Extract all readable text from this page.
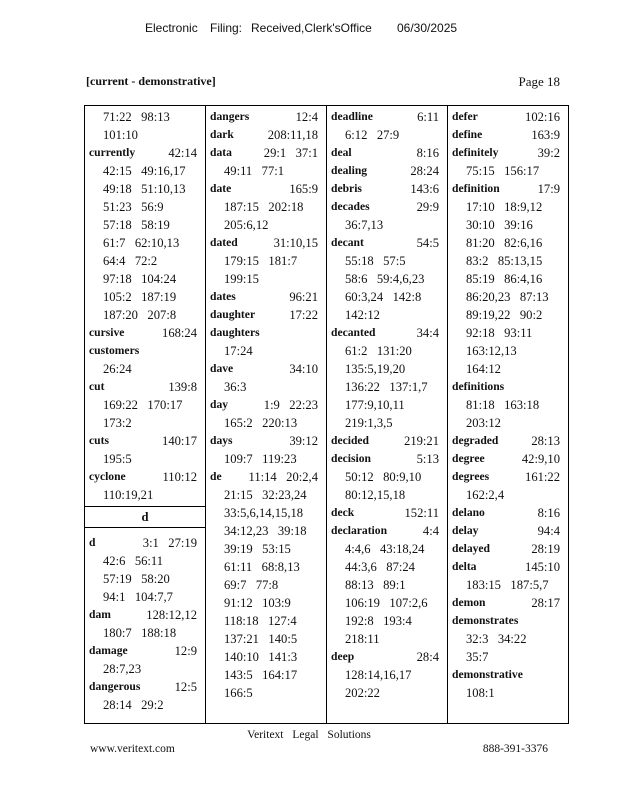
Electronic Filing: Received,Clerk'sOffice 06/30/2025
[current - demonstrative]	Page 18
71:22   98:13
101:10
currently	42:14
42:15   49:16,17
49:18   51:10,13
51:23   56:9
57:18   58:19
61:7   62:10,13
64:4   72:2
97:18   104:24
105:2   187:19
187:20   207:8
cursive	168:24
customers
26:24
cut	139:8
169:22   170:17
173:2
cuts	140:17
195:5
cyclone	110:12
110:19,21
d
d	3:1   27:19
42:6   56:11
57:19   58:20
94:1   104:7,7
dam	128:12,12
180:7   188:18
damage	12:9
28:7,23
dangerous	12:5
28:14   29:2
dangers	12:4
dark	208:11,18
data	29:1   37:1
49:11   77:1
date	165:9
187:15   202:18
205:6,12
dated	31:10,15
179:15   181:7
199:15
dates	96:21
daughter	17:22
daughters
17:24
dave	34:10
36:3
day	1:9   22:23
165:2   220:13
days	39:12
109:7   119:23
de	11:14   20:2,4
21:15   32:23,24
33:5,6,14,15,18
34:12,23   39:18
39:19   53:15
61:11   68:8,13
69:7   77:8
91:12   103:9
118:18   127:4
137:21   140:5
140:10   141:3
143:5   164:17
166:5
deadline	6:11
6:12   27:9
deal	8:16
dealing	28:24
debris	143:6
decades	29:9
36:7,13
decant	54:5
55:18   57:5
58:6   59:4,6,23
60:3,24   142:8
142:12
decanted	34:4
61:2   131:20
135:5,19,20
136:22   137:1,7
177:9,10,11
219:1,3,5
decided	219:21
decision	5:13
50:12   80:9,10
80:12,15,18
deck	152:11
declaration	4:4
4:4,6   43:18,24
44:3,6   87:24
88:13   89:1
106:19   107:2,6
192:8   193:4
218:11
deep	28:4
128:14,16,17
202:22
defer	102:16
define	163:9
definitely	39:2
75:15   156:17
definition	17:9
17:10   18:9,12
30:10   39:16
81:20   82:6,16
83:2   85:13,15
85:19   86:4,16
86:20,23   87:13
89:19,22   90:2
92:18   93:11
163:12,13
164:12
definitions
81:18   163:18
203:12
degraded	28:13
degree	42:9,10
degrees	161:22
162:2,4
delano	8:16
delay	94:4
delayed	28:19
delta	145:10
183:15   187:5,7
demon	28:17
demonstrates
32:3   34:22
35:7
demonstrative
108:1
Veritext Legal Solutions
www.veritext.com	888-391-3376
